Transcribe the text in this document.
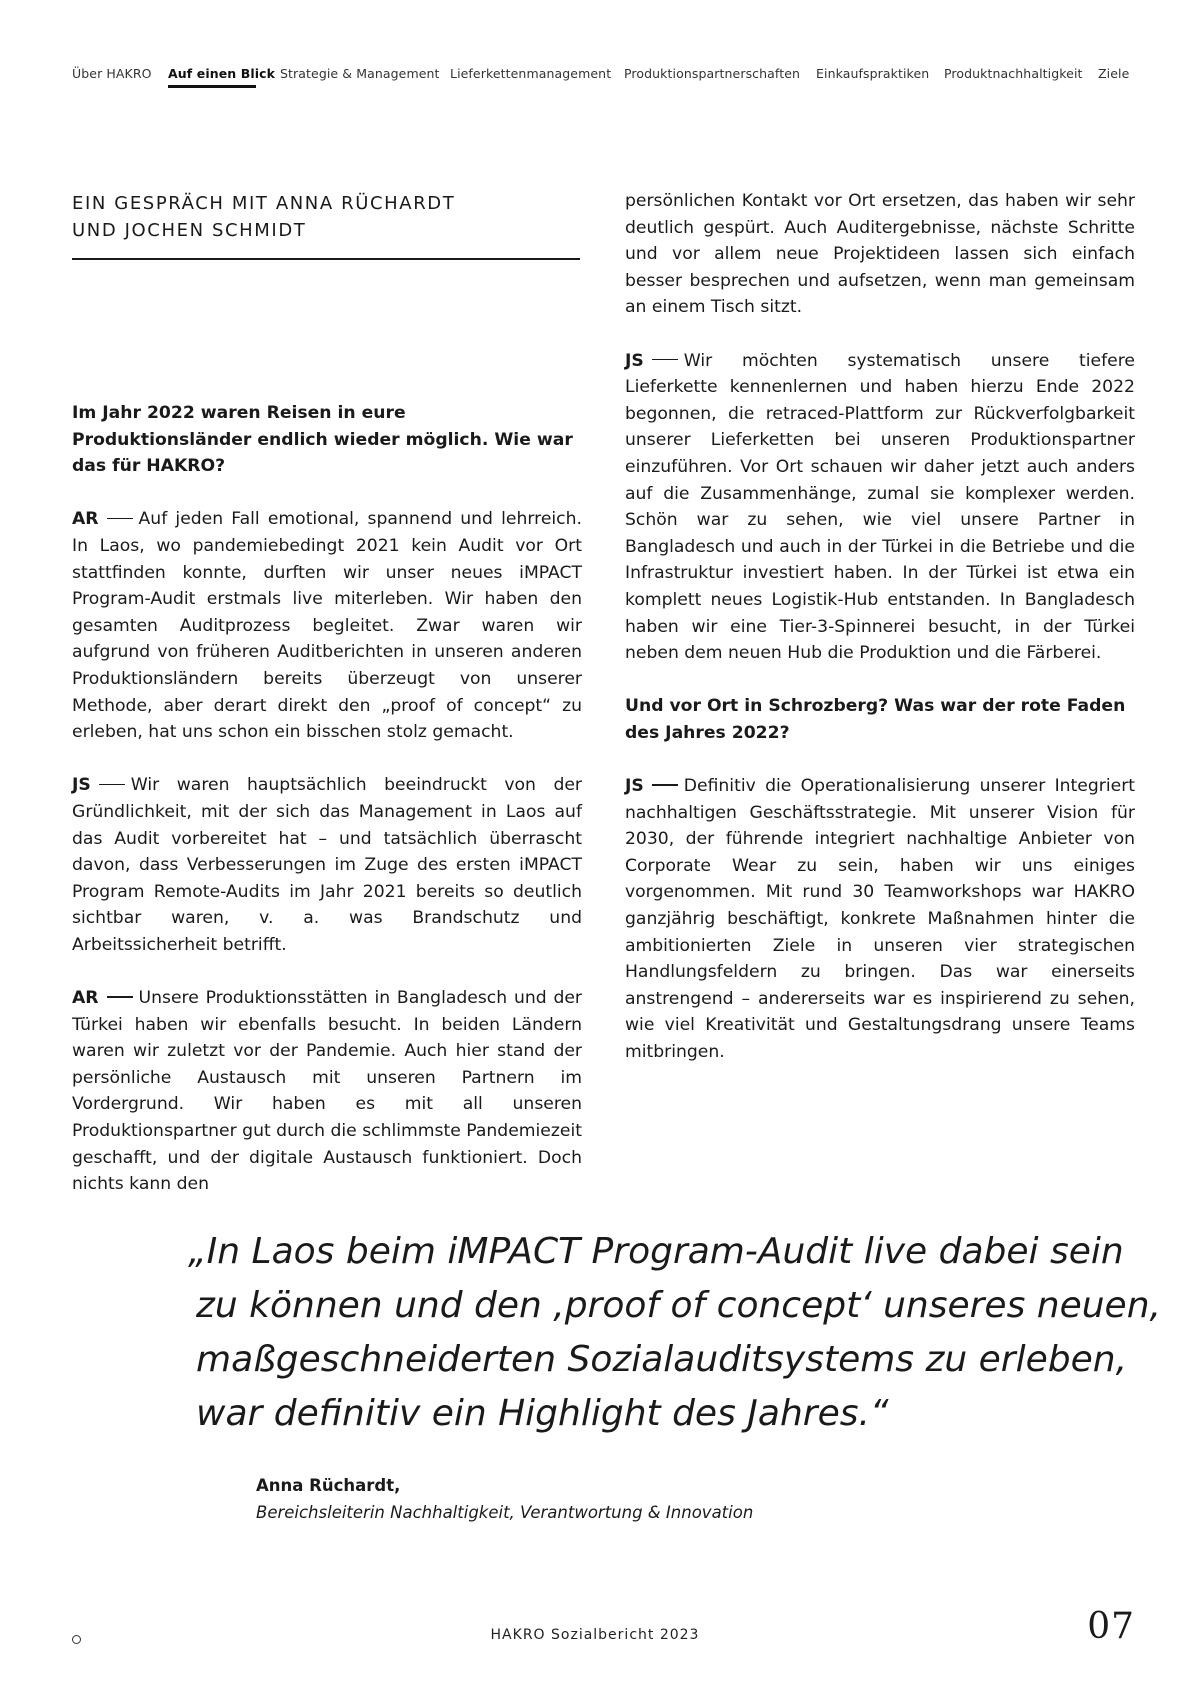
Über HAKRO Auf einen Blick Strategie & Management Lieferkettenmanagement Produktionspartnerschaften Einkaufspraktiken Produktnachhaltigkeit Ziele
EIN GESPRÄCH MIT ANNA RÜCHARDT
UND JOCHEN SCHMIDT

Im Jahr 2022 waren Reisen in eure Produktionsländer endlich wieder möglich. Wie war das für HAKRO?

AR Auf jeden Fall emotional, spannend und lehrreich. In Laos, wo pandemiebedingt 2021 kein Audit vor Ort stattfinden konnte, durften wir unser neues iMPACT Program-Audit erstmals live miterleben. Wir haben den gesamten Auditprozess begleitet. Zwar waren wir aufgrund von früheren Auditberichten in unseren anderen Produktionsländern bereits überzeugt von unserer Methode, aber derart direkt den „proof of concept“ zu erleben, hat uns schon ein bisschen stolz gemacht.

JS Wir waren hauptsächlich beeindruckt von der Gründlichkeit, mit der sich das Management in Laos auf das Audit vorbereitet hat – und tatsächlich überrascht davon, dass Verbesserungen im Zuge des ersten iMPACT Program Remote-Audits im Jahr 2021 bereits so deutlich sichtbar waren, v. a. was Brandschutz und Arbeitssicherheit betrifft.

AR Unsere Produktionsstätten in Bangladesch und der Türkei haben wir ebenfalls besucht. In beiden Ländern waren wir zuletzt vor der Pandemie. Auch hier stand der persönliche Austausch mit unseren Partnern im Vordergrund. Wir haben es mit all unseren Produktionspartner gut durch die schlimmste Pandemiezeit geschafft, und der digitale Austausch funktioniert. Doch nichts kann den

persönlichen Kontakt vor Ort ersetzen, das haben wir sehr deutlich gespürt. Auch Auditergebnisse, nächste Schritte und vor allem neue Projektideen lassen sich einfach besser besprechen und aufsetzen, wenn man gemeinsam an einem Tisch sitzt.

JS Wir möchten systematisch unsere tiefere Lieferkette kennenlernen und haben hierzu Ende 2022 begonnen, die retraced-Plattform zur Rückverfolgbarkeit unserer Lieferketten bei unseren Produktionspartner einzuführen. Vor Ort schauen wir daher jetzt auch anders auf die Zusammenhänge, zumal sie komplexer werden. Schön war zu sehen, wie viel unsere Partner in Bangladesch und auch in der Türkei in die Betriebe und die Infrastruktur investiert haben. In der Türkei ist etwa ein komplett neues Logistik-Hub entstanden. In Bangladesch haben wir eine Tier-3-Spinnerei besucht, in der Türkei neben dem neuen Hub die Produktion und die Färberei.

Und vor Ort in Schrozberg? Was war der rote Faden des Jahres 2022?

JS Definitiv die Operationalisierung unserer Integriert nachhaltigen Geschäftsstrategie. Mit unserer Vision für 2030, der führende integriert nachhaltige Anbieter von Corporate Wear zu sein, haben wir uns einiges vorgenommen. Mit rund 30 Teamworkshops war HAKRO ganzjährig beschäftigt, konkrete Maßnahmen hinter die ambitionierten Ziele in unseren vier strategischen Handlungsfeldern zu bringen. Das war einerseits anstrengend – andererseits war es inspirierend zu sehen, wie viel Kreativität und Gestaltungsdrang unsere Teams mitbringen.

„In Laos beim iMPACT Program-Audit live dabei sein
zu können und den ‚proof of concept‘ unseres neuen,
maßgeschneiderten Sozialauditsystems zu erleben,
war definitiv ein Highlight des Jahres.“
Anna Rüchardt,
Bereichsleiterin Nachhaltigkeit, Verantwortung & Innovation
HAKRO Sozialbericht 2023	07
